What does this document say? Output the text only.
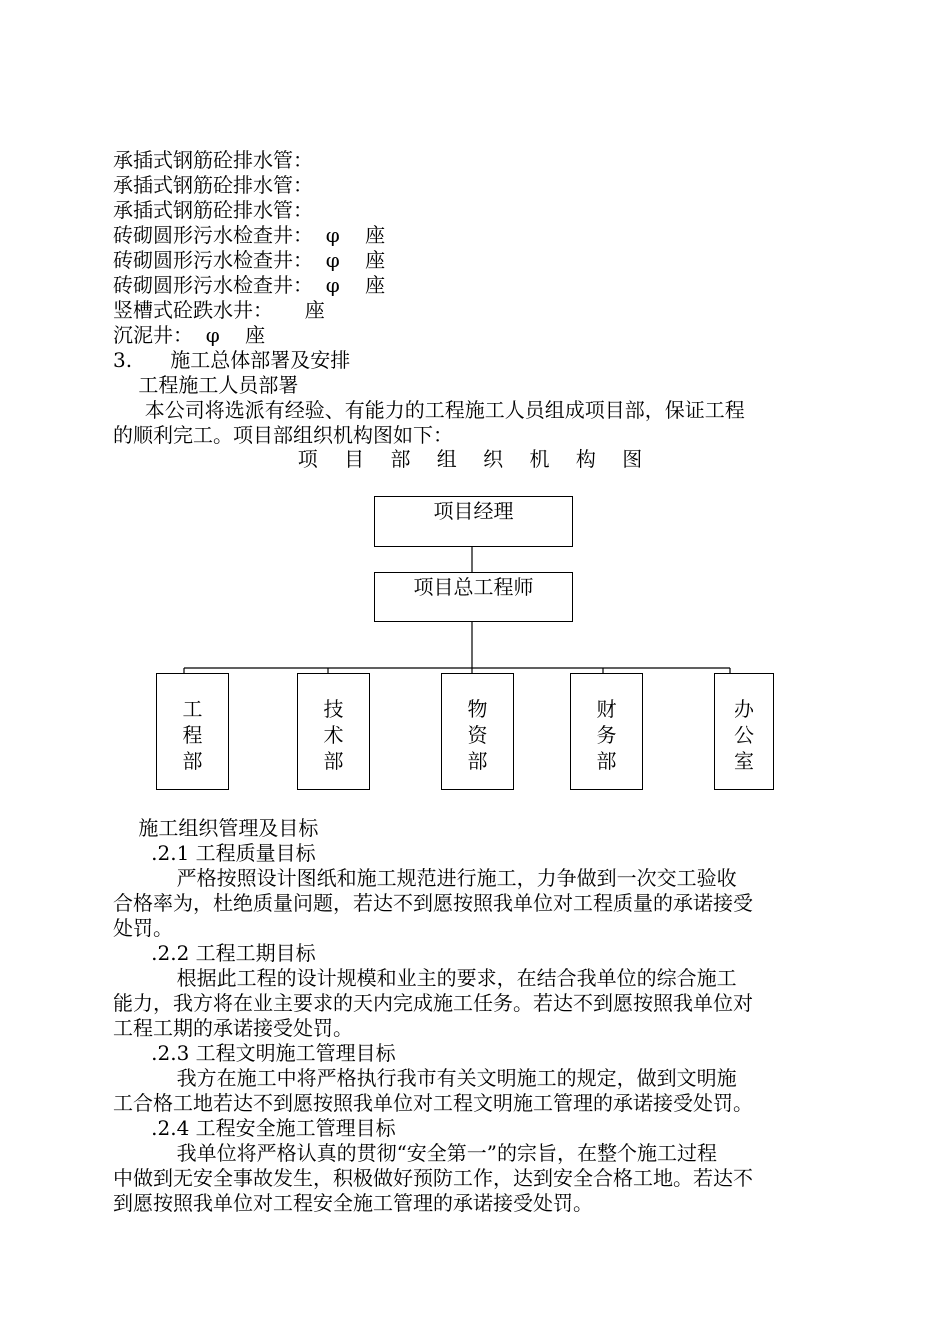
承插式钢筋砼排水管：
承插式钢筋砼排水管：
承插式钢筋砼排水管：
砖砌圆形污水检查井：  φ    座
砖砌圆形污水检查井：  φ    座
砖砌圆形污水检查井：  φ    座
竖槽式砼跌水井：     座
沉泥井：  φ    座
3.      施工总体部署及安排
工程施工人员部署
本公司将选派有经验、有能力的工程施工人员组成项目部，保证工程
的顺利完工。项目部组织机构图如下：
项 目 部 组 织 机 构 图
项目经理
项目总工程师
工
程
部
技
术
部
物
资
部
财
务
部
办
公
室
施工组织管理及目标
.2.1 工程质量目标
严格按照设计图纸和施工规范进行施工，力争做到一次交工验收
合格率为，杜绝质量问题，若达不到愿按照我单位对工程质量的承诺接受
处罚。
.2.2 工程工期目标
根据此工程的设计规模和业主的要求，在结合我单位的综合施工
能力，我方将在业主要求的天内完成施工任务。若达不到愿按照我单位对
工程工期的承诺接受处罚。
.2.3 工程文明施工管理目标
我方在施工中将严格执行我市有关文明施工的规定，做到文明施
工合格工地若达不到愿按照我单位对工程文明施工管理的承诺接受处罚。
.2.4 工程安全施工管理目标
我单位将严格认真的贯彻“安全第一”的宗旨，在整个施工过程
中做到无安全事故发生，积极做好预防工作，达到安全合格工地。若达不
到愿按照我单位对工程安全施工管理的承诺接受处罚。
